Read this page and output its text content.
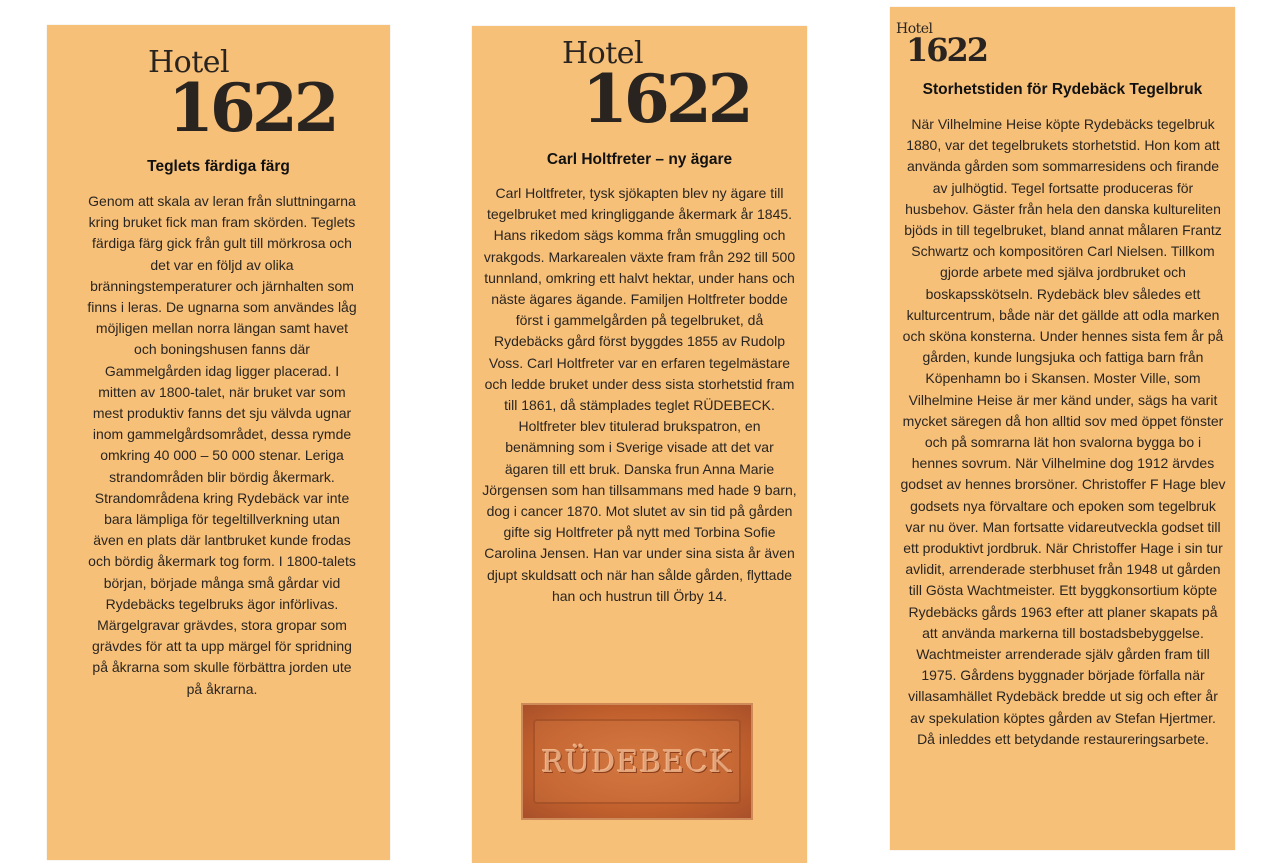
Hotel
1622
Teglets färdiga färg
Genom att skala av leran från sluttningarna kring bruket fick man fram skörden. Teglets färdiga färg gick från gult till mörkrosa och det var en följd av olika bränningstemperaturer och järnhalten som finns i leras. De ugnarna som användes låg möjligen mellan norra längan samt havet och boningshusen fanns där Gammelgården idag ligger placerad. I mitten av 1800-talet, när bruket var som mest produktiv fanns det sju välvda ugnar inom gammelgårdsområdet, dessa rymde omkring 40 000 – 50 000 stenar. Leriga strandområden blir bördig åkermark. Strandområdena kring Rydebäck var inte bara lämpliga för tegeltillverkning utan även en plats där lantbruket kunde frodas och bördig åkermark tog form. I 1800-talets början, började många små gårdar vid Rydebäcks tegelbruks ägor införlivas. Märgelgravar grävdes, stora gropar som grävdes för att ta upp märgel för spridning på åkrarna som skulle förbättra jorden ute på åkrarna.
Hotel
1622
Carl Holtfreter – ny ägare
Carl Holtfreter, tysk sjökapten blev ny ägare till tegelbruket med kringliggande åkermark år 1845. Hans rikedom sägs komma från smuggling och vrakgods. Markarealen växte fram från 292 till 500 tunnland, omkring ett halvt hektar, under hans och näste ägares ägande. Familjen Holtfreter bodde först i gammelgården på tegelbruket, då Rydebäcks gård först byggdes 1855 av Rudolp Voss. Carl Holtfreter var en erfaren tegelmästare och ledde bruket under dess sista storhetstid fram till 1861, då stämplades teglet RÜDEBECK. Holtfreter blev titulerad brukspatron, en benämning som i Sverige visade att det var ägaren till ett bruk. Danska frun Anna Marie Jörgensen som han tillsammans med hade 9 barn, dog i cancer 1870. Mot slutet av sin tid på gården gifte sig Holtfreter på nytt med Torbina Sofie Carolina Jensen. Han var under sina sista år även djupt skuldsatt och när han sålde gården, flyttade han och hustrun till Örby 14.
RÜDEBECK
Hotel
1622
Storhetstiden för Rydebäck Tegelbruk
När Vilhelmine Heise köpte Rydebäcks tegelbruk 1880, var det tegelbrukets storhetstid. Hon kom att använda gården som sommarresidens och firande av julhögtid. Tegel fortsatte produceras för husbehov. Gäster från hela den danska kultureliten bjöds in till tegelbruket, bland annat målaren Frantz Schwartz och kompositören Carl Nielsen. Tillkom gjorde arbete med själva jordbruket och boskapsskötseln. Rydebäck blev således ett kulturcentrum, både när det gällde att odla marken och sköna konsterna. Under hennes sista fem år på gården, kunde lungsjuka och fattiga barn från Köpenhamn bo i Skansen. Moster Ville, som Vilhelmine Heise är mer känd under, sägs ha varit mycket säregen då hon alltid sov med öppet fönster och på somrarna lät hon svalorna bygga bo i hennes sovrum. När Vilhelmine dog 1912 ärvdes godset av hennes brorsöner. Christoffer F Hage blev godsets nya förvaltare och epoken som tegelbruk var nu över. Man fortsatte vidareutveckla godset till ett produktivt jordbruk. När Christoffer Hage i sin tur avlidit, arrenderade sterbhuset från 1948 ut gården till Gösta Wachtmeister. Ett byggkonsortium köpte Rydebäcks gårds 1963 efter att planer skapats på att använda markerna till bostadsbebyggelse. Wachtmeister arrenderade själv gården fram till 1975. Gårdens byggnader började förfalla när villasamhället Rydebäck bredde ut sig och efter år av spekulation köptes gården av Stefan Hjertmer. Då inleddes ett betydande restaureringsarbete.
